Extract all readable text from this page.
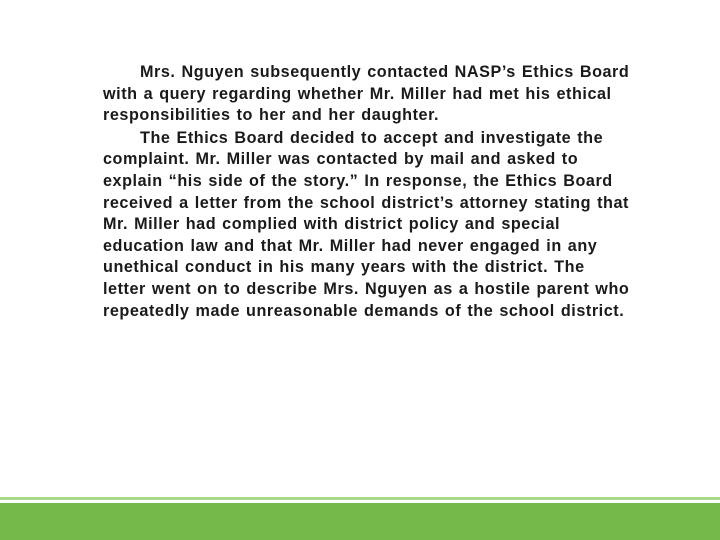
Mrs. Nguyen subsequently contacted NASP’s Ethics Board with a query regarding whether Mr. Miller had met his ethical responsibilities to her and her daughter.

The Ethics Board decided to accept and investigate the complaint. Mr. Miller was contacted by mail and asked to explain “his side of the story.” In response, the Ethics Board received a letter from the school district’s attorney stating that Mr. Miller had complied with district policy and special education law and that Mr. Miller had never engaged in any unethical conduct in his many years with the district. The letter went on to describe Mrs. Nguyen as a hostile parent who repeatedly made unreasonable demands of the school district.
